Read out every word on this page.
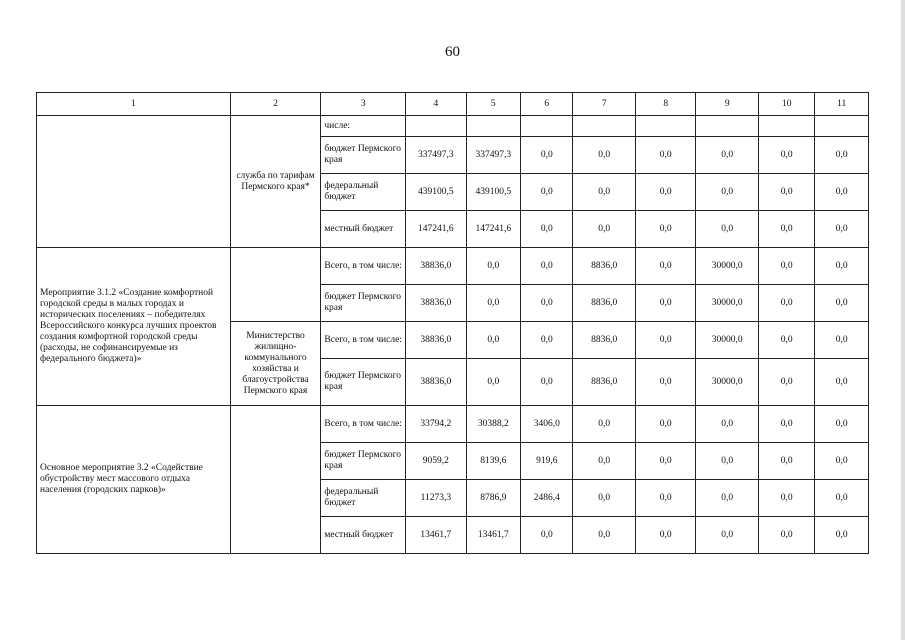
60
1	2	3	4	5	6	7	8	9	10	11
	служба по тарифам Пермского края*	числе:								
		бюджет Пермского края	337497,3	337497,3	0,0	0,0	0,0	0,0	0,0	0,0
		федеральный бюджет	439100,5	439100,5	0,0	0,0	0,0	0,0	0,0	0,0
		местный бюджет	147241,6	147241,6	0,0	0,0	0,0	0,0	0,0	0,0
Мероприятие 3.1.2 «Создание комфортной городской среды в малых городах и исторических поселениях – победителях Всероссийского конкурса лучших проектов создания комфортной городской среды (расходы, не софинансируемые из федерального бюджета)»		Всего, в том числе:	38836,0	0,0	0,0	8836,0	0,0	30000,0	0,0	0,0
		бюджет Пермского края	38836,0	0,0	0,0	8836,0	0,0	30000,0	0,0	0,0
	Министерство жилищно-коммунального хозяйства и благоустройства Пермского края	Всего, в том числе:	38836,0	0,0	0,0	8836,0	0,0	30000,0	0,0	0,0
		бюджет Пермского края	38836,0	0,0	0,0	8836,0	0,0	30000,0	0,0	0,0
Основное мероприятие 3.2 «Содействие обустройству мест массового отдыха населения (городских парков)»		Всего, в том числе:	33794,2	30388,2	3406,0	0,0	0,0	0,0	0,0	0,0
		бюджет Пермского края	9059,2	8139,6	919,6	0,0	0,0	0,0	0,0	0,0
		федеральный бюджет	11273,3	8786,9	2486,4	0,0	0,0	0,0	0,0	0,0
		местный бюджет	13461,7	13461,7	0,0	0,0	0,0	0,0	0,0	0,0
